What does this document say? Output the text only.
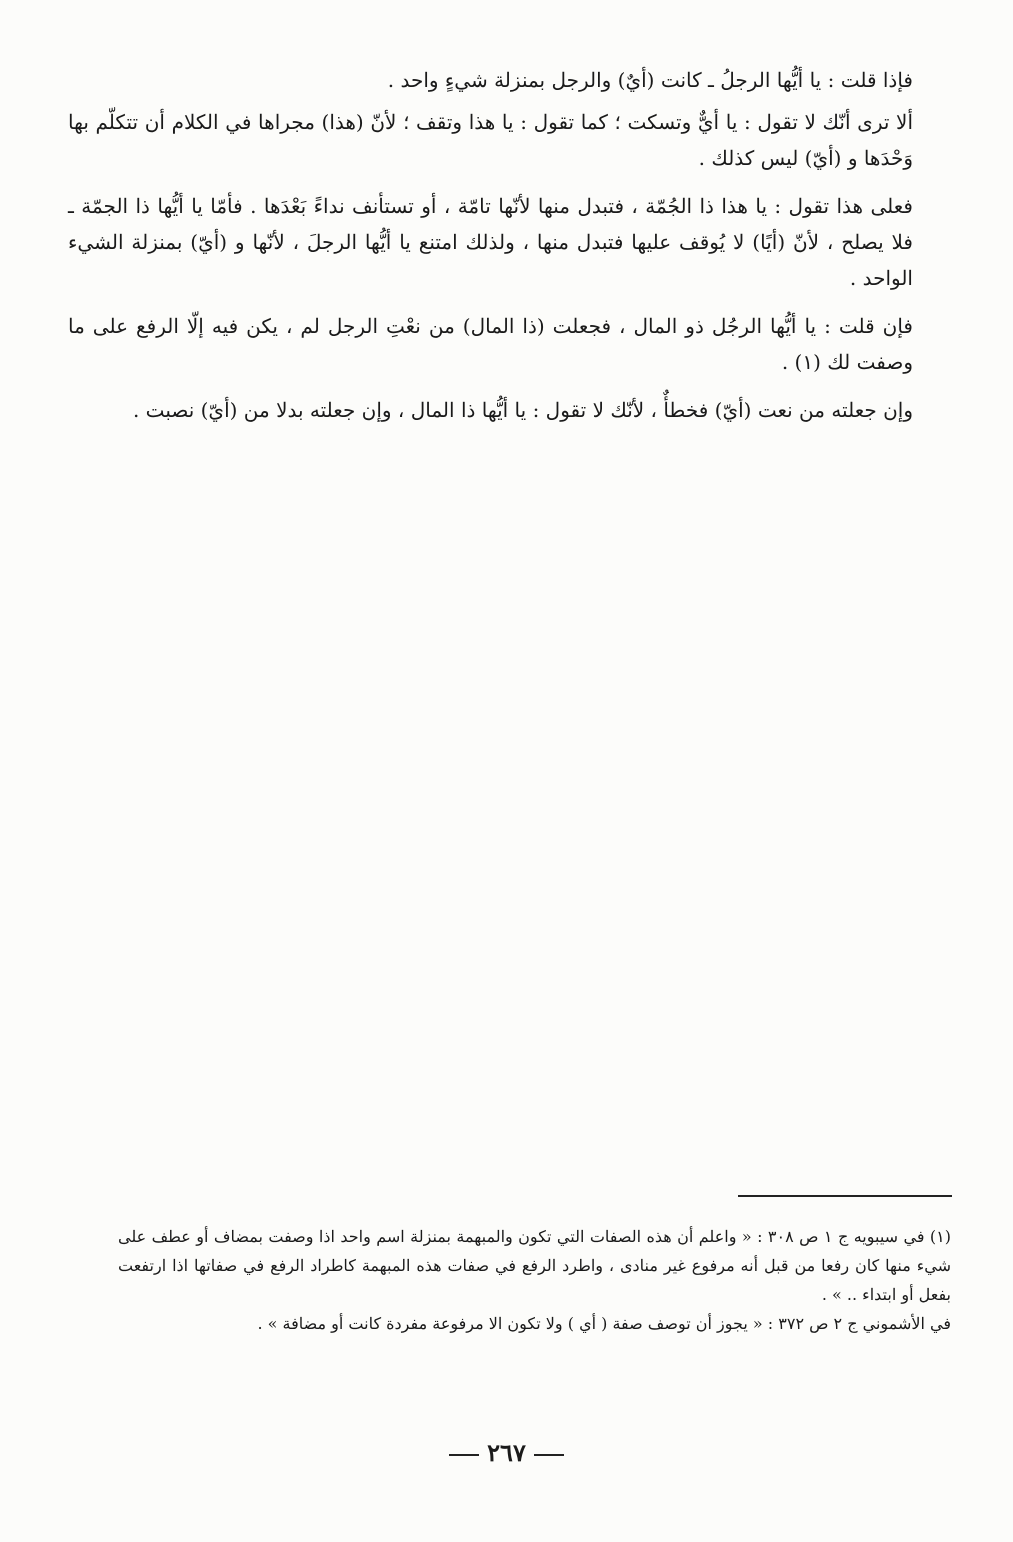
فإذا قلت : يا أيُّها الرجلُ ـ كانت (أيٌ) والرجل بمنزلة شيءٍ واحد .

ألا ترى أنّك لا تقول : يا أيٌّ وتسكت ؛ كما تقول : يا هذا وتقف ؛ لأنّ (هذا) مجراها في الكلام أن تتكلّم بها وَحْدَها و (أيّ) ليس كذلك .

فعلى هذا تقول : يا هذا ذا الجُمّة ، فتبدل منها لأنّها تامّة ، أو تستأنف نداءً بَعْدَها . فأمّا يا أيُّها ذا الجمّة ـ فلا يصلح ، لأنّ (أيًا) لا يُوقف عليها فتبدل منها ، ولذلك امتنع يا أيُّها الرجلَ ، لأنّها و (أيّ) بمنزلة الشيء الواحد .

فإن قلت : يا أيُّها الرجُل ذو المال ، فجعلت (ذا المال) من نعْتِ الرجل لم ، يكن فيه إلّا الرفع على ما وصفت لك (١) .

وإن جعلته من نعت (أيّ) فخطأٌ ، لأنّك لا تقول : يا أيُّها ذا المال ، وإن جعلته بدلا من (أيّ) نصبت .

(١) في سيبويه ج ١ ص ٣٠٨ : « واعلم أن هذه الصفات التي تكون والمبهمة بمنزلة اسم واحد اذا وصفت بمضاف أو عطف على شيء منها كان رفعا من قبل أنه مرفوع غير منادى ، واطرد الرفع في صفات هذه المبهمة كاطراد الرفع في صفاتها اذا ارتفعت بفعل أو ابتداء .. » .

في الأشموني ج ٢ ص ٣٧٢ : « يجوز أن توصف صفة ( أي ) ولا تكون الا مرفوعة مفردة كانت أو مضافة » .

٢٦٧
